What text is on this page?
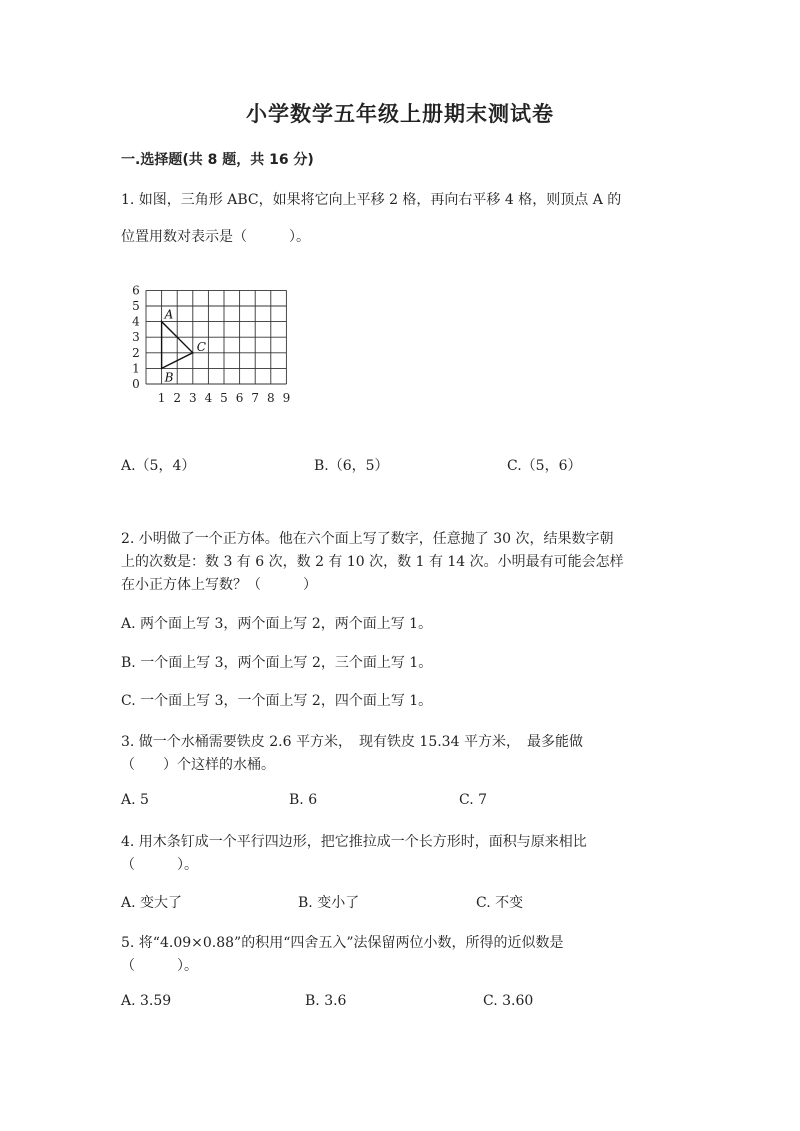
小学数学五年级上册期末测试卷
一.选择题(共 8 题，共 16 分)
1. 如图，三角形 ABC，如果将它向上平移 2 格，再向右平移 4 格，则顶点 A 的
位置用数对表示是（　　　）。
1 2 3 4 5 6 7 8 9
0
1
2
3
4
5
6
A
B
C
A.（5，4）	B.（6，5）	C.（5，6）
2. 小明做了一个正方体。他在六个面上写了数字，任意抛了 30 次，结果数字朝
上的次数是：数 3 有 6 次，数 2 有 10 次，数 1 有 14 次。小明最有可能会怎样
在小正方体上写数？（　　　）
A. 两个面上写 3，两个面上写 2，两个面上写 1。
B. 一个面上写 3，两个面上写 2，三个面上写 1。
C. 一个面上写 3，一个面上写 2，四个面上写 1。
3. 做一个水桶需要铁皮 2.6 平方米，　现有铁皮 15.34 平方米，　最多能做
（　　）个这样的水桶。
A. 5	B. 6	C. 7
4. 用木条钉成一个平行四边形，把它推拉成一个长方形时，面积与原来相比
（　　　）。
A. 变大了	B. 变小了	C. 不变
5. 将“4.09×0.88”的积用“四舍五入”法保留两位小数，所得的近似数是
（　　　）。
A. 3.59	B. 3.6	C. 3.60
